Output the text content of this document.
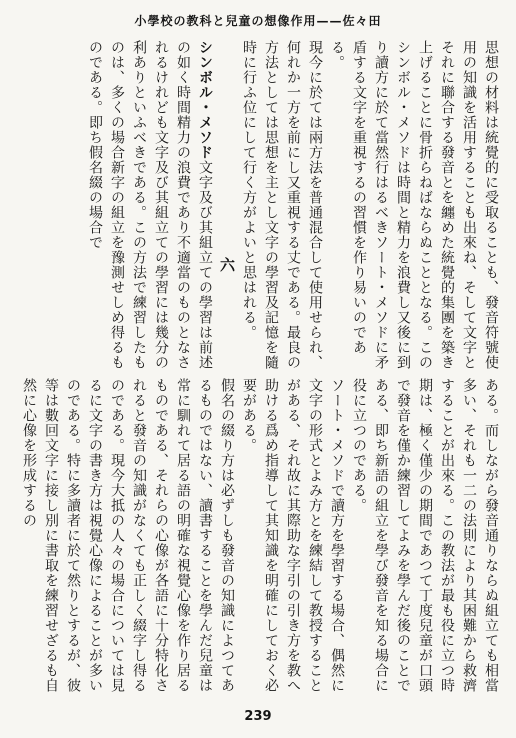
小學校の教科と兒童の想像作用——佐々田

思想の材料は統覺的に受取ることも、發音符號使用の知識を活用することも出來ね、そして文字とそれに聯合する發音とを纏めた統覺的集團を築き上げることに骨折らねばならぬこととなる。このシンボル・メソドは時間と精力を浪費し又後に到り讀方に於て當然行はるべきソート・メソドに矛盾する文字を重視するの習慣を作り易いのである。

現今に於ては兩方法を普通混合して使用せられ、何れか一方を前にし又重視する丈である。最良の方法としては思想を主とし文字の學習及記憶を隨時に行ふ位にして行く方がよいと思はれる。

六

シンボル・メソド文字及び其組立ての學習は前述の如く時間精力の浪費であり不適當のものとなされるけれども文字及び其組立ての學習には幾分の利ありといふべきである。この方法で練習したものは、多くの場合新字の組立を豫測せしめ得るものである。即ち假名綴の場合で

ある。而しながら發音通りならぬ組立ても相當多い、それも一二の法則により其困難から救濟することが出來る。この教法が最も役に立つ時期は、極く僅少の期間であつて丁度兒童が口頭で發音を僅か練習してよみを學んだ後のことである、即ち新語の組立を學び發音を知る場合に役に立つのである。

ソート・メソドで讀方を學習する場合、偶然に文字の形式とよみ方とを練結して教授することがある、それ故に其際助な字引の引き方を教へ助ける爲め指導して其知識を明確にしておく必要がある。

假名の綴り方は必ずしも發音の知識によつてあるものではない、讀書することを學んだ兒童は常に馴れて居る語の明確な視覺心像を作り居るものである、それらの心像が各語に十分特化されると發音の知識がなくても正しく綴字し得るのである。現今大抵の人々の場合については見るに文字の書き方は視覺心像によることが多いのである。特に多讀者に於て然りとするが、彼等は數回文字に接し別に書取を練習せざるも自然に心像を形成するの

239
